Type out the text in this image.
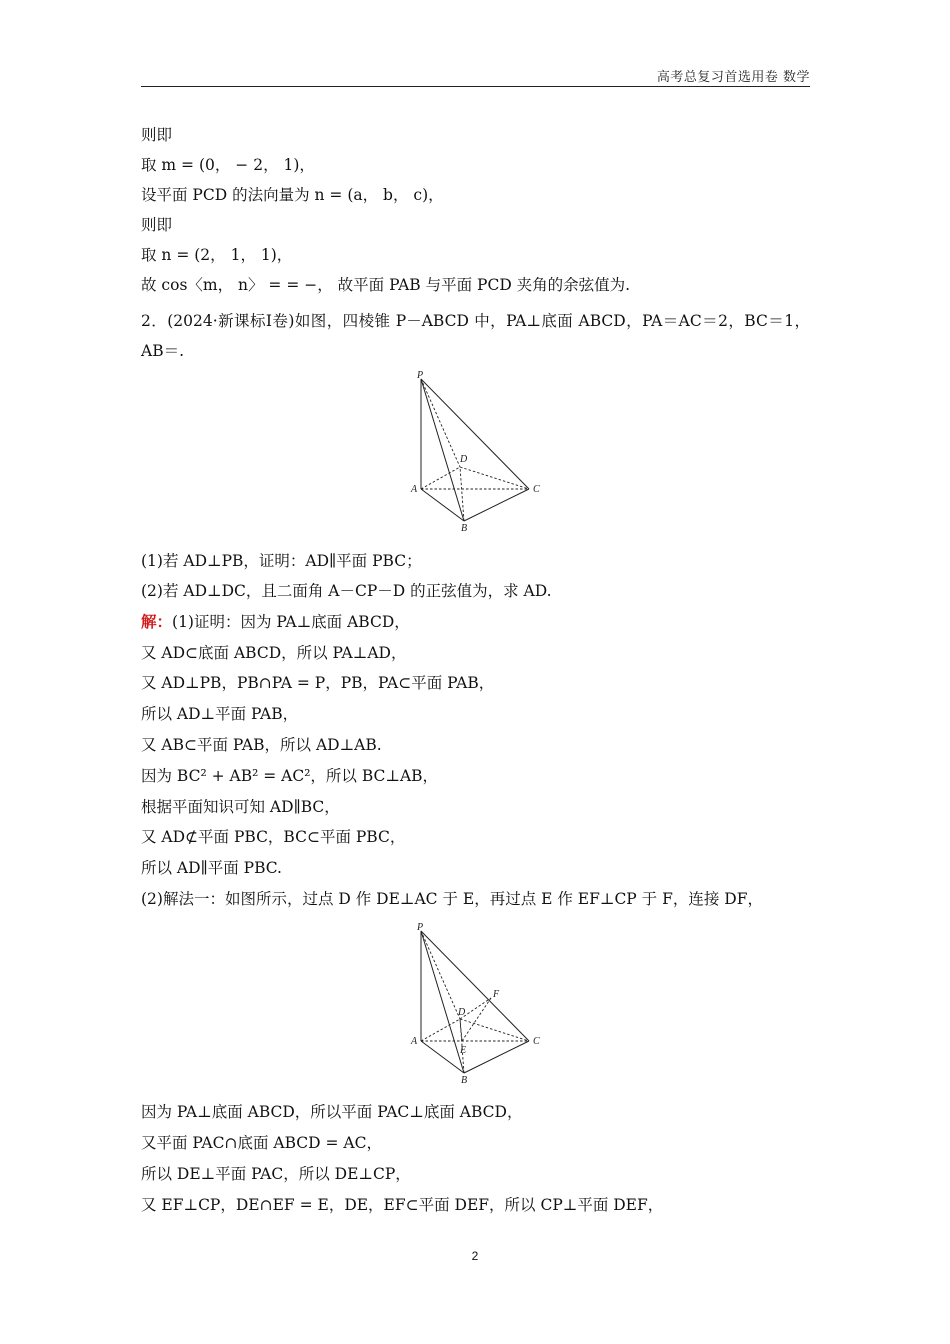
高考总复习首选用卷 数学
则即
取 m = (0， − 2， 1)，
设平面 PCD 的法向量为 n = (a， b， c)，
则即
取 n = (2， 1， 1)，
故 cos〈m， n〉 = = −， 故平面 PAB 与平面 PCD 夹角的余弦值为.
2．(2024·新课标Ⅰ卷)如图，四棱锥 P－ABCD 中，PA⊥底面 ABCD，PA＝AC＝2，BC＝1，AB＝.
P
D
A	C
B
(1)若 AD⊥PB，证明：AD∥平面 PBC；
(2)若 AD⊥DC，且二面角 A－CP－D 的正弦值为，求 AD.
解：(1)证明：因为 PA⊥底面 ABCD，
又 AD⊂底面 ABCD，所以 PA⊥AD，
又 AD⊥PB，PB∩PA = P，PB，PA⊂平面 PAB，
所以 AD⊥平面 PAB，
又 AB⊂平面 PAB，所以 AD⊥AB.
因为 BC² + AB² = AC²，所以 BC⊥AB，
根据平面知识可知 AD∥BC，
又 AD⊄平面 PBC，BC⊂平面 PBC，
所以 AD∥平面 PBC.
(2)解法一：如图所示，过点 D 作 DE⊥AC 于 E，再过点 E 作 EF⊥CP 于 F，连接 DF，
P
F
D
A
E
C
B
因为 PA⊥底面 ABCD，所以平面 PAC⊥底面 ABCD，
又平面 PAC∩底面 ABCD = AC，
所以 DE⊥平面 PAC，所以 DE⊥CP，
又 EF⊥CP，DE∩EF = E，DE，EF⊂平面 DEF，所以 CP⊥平面 DEF，
2
